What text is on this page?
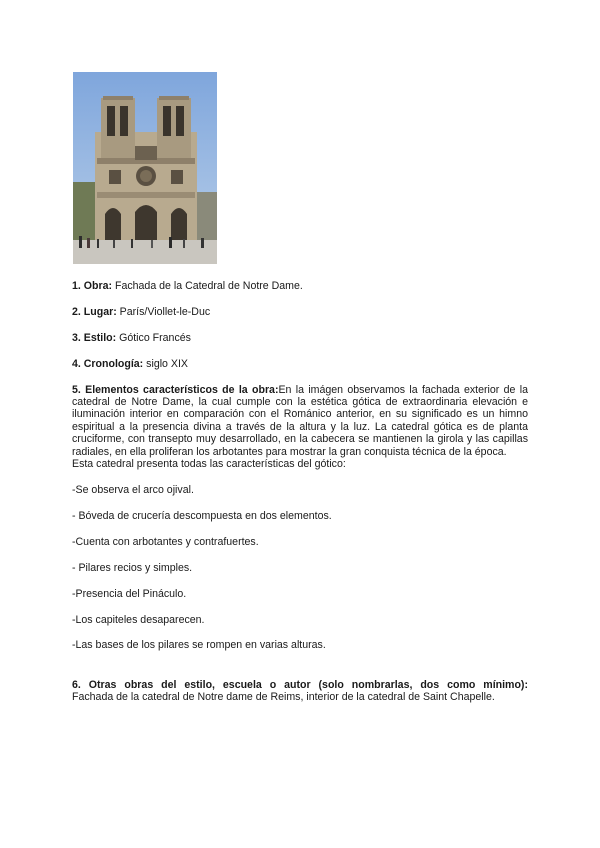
1. Obra: Fachada de la Catedral de Notre Dame.

2. Lugar: París/Viollet-le-Duc

3. Estilo: Gótico Francés

4. Cronología: siglo XIX

5. Elementos característicos de la obra:En la imágen observamos la fachada exterior de la catedral de Notre Dame, la cual cumple con la estética gótica de extraordinaria elevación e iluminación interior en comparación con el Románico anterior, en su significado es un himno espiritual a la presencia divina a través de la altura y la luz. La catedral gótica es de planta cruciforme, con transepto muy desarrollado, en la cabecera se mantienen la girola y las capillas radiales, en ella proliferan los arbotantes para mostrar la gran conquista técnica de la época.

Esta catedral presenta todas las características del gótico:

-Se observa el arco ojival.

- Bóveda de crucería descompuesta en dos elementos.

-Cuenta con arbotantes y contrafuertes.

- Pilares recios y simples.

-Presencia del Pináculo.

-Los capiteles desaparecen.

-Las bases de los pilares se rompen en varias alturas.

6. Otras obras del estilo, escuela o autor (solo nombrarlas, dos como mínimo):

Fachada de la catedral de Notre dame de Reims, interior de la catedral de Saint Chapelle.
